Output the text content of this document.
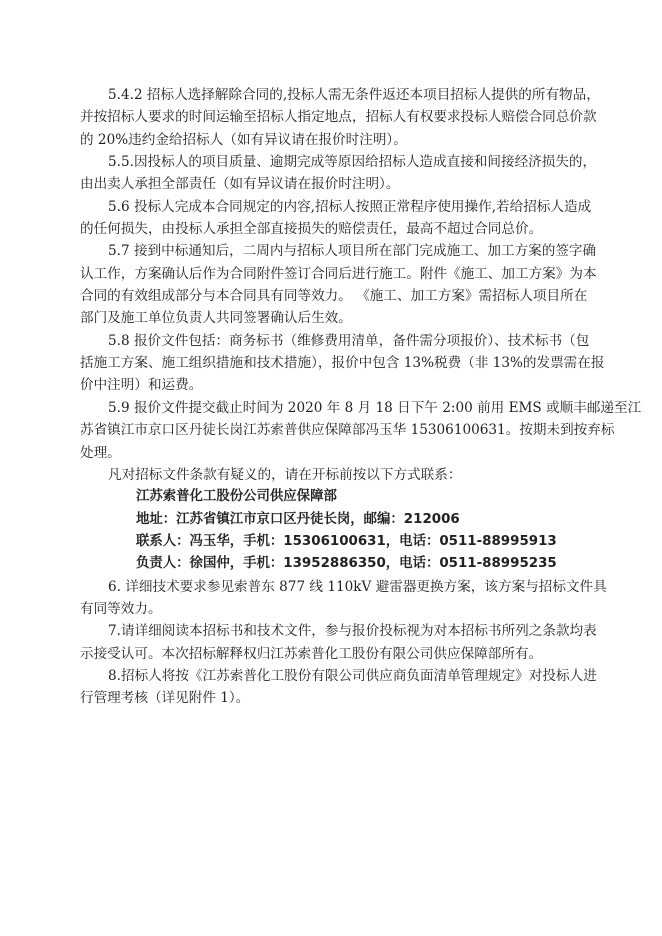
5.4.2 招标人选择解除合同的,投标人需无条件返还本项目招标人提供的所有物品，
并按招标人要求的时间运输至招标人指定地点，招标人有权要求投标人赔偿合同总价款
的 20%违约金给招标人（如有异议请在报价时注明）。
5.5.因投标人的项目质量、逾期完成等原因给招标人造成直接和间接经济损失的，
由出卖人承担全部责任（如有异议请在报价时注明）。
5.6 投标人完成本合同规定的内容,招标人按照正常程序使用操作,若给招标人造成
的任何损失，由投标人承担全部直接损失的赔偿责任，最高不超过合同总价。
5.7 接到中标通知后，二周内与招标人项目所在部门完成施工、加工方案的签字确
认工作，方案确认后作为合同附件签订合同后进行施工。附件《施工、加工方案》为本
合同的有效组成部分与本合同具有同等效力。 《施工、加工方案》需招标人项目所在
部门及施工单位负责人共同签署确认后生效。
5.8 报价文件包括：商务标书（维修费用清单，备件需分项报价）、技术标书（包
括施工方案、施工组织措施和技术措施），报价中包含 13%税费（非 13%的发票需在报
价中注明）和运费。
5.9 报价文件提交截止时间为 2020 年 8 月 18 日下午 2:00 前用 EMS 或顺丰邮递至江
苏省镇江市京口区丹徒长岗江苏索普供应保障部冯玉华 15306100631。按期未到按弃标
处理。
凡对招标文件条款有疑义的，请在开标前按以下方式联系：
江苏索普化工股份公司供应保障部
地址：江苏省镇江市京口区丹徒长岗，邮编：212006
联系人：冯玉华，手机：15306100631，电话：0511-88995913
负责人：徐国仲，手机：13952886350，电话：0511-88995235
6. 详细技术要求参见索普东 877 线 110kV 避雷器更换方案，该方案与招标文件具
有同等效力。
7.请详细阅读本招标书和技术文件，参与报价投标视为对本招标书所列之条款均表
示接受认可。本次招标解释权归江苏索普化工股份有限公司供应保障部所有。
8.招标人将按《江苏索普化工股份有限公司供应商负面清单管理规定》对投标人进
行管理考核（详见附件 1）。
